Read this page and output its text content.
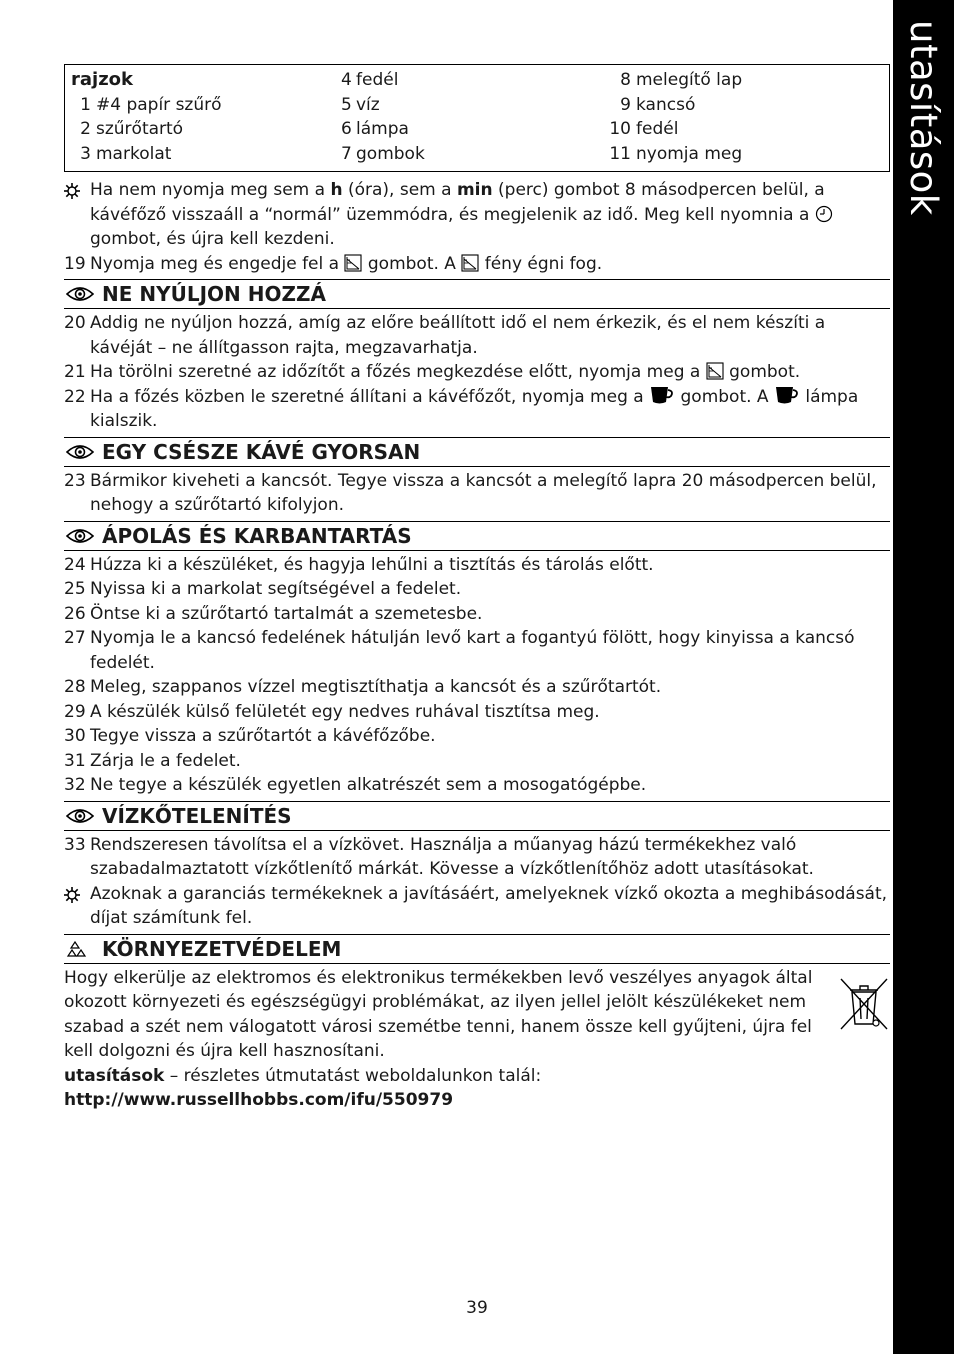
utasítások
rajzok
1 #4 papír szűrő
2 szűrőtartó
3 markolat
4 fedél
5 víz
6 lámpa
7 gombok
8 melegítő lap
9 kancsó
10 fedél
11 nyomja meg
Ha nem nyomja meg sem a h (óra), sem a min (perc) gombot 8 másodpercen belül, a kávéfőző visszaáll a “normál” üzemmódra, és megjelenik az idő. Meg kell nyomnia a  gombot, és újra kell kezdeni.
19 Nyomja meg és engedje fel a  gombot. A  fény égni fog.
NE NYÚLJON HOZZÁ
20 Addig ne nyúljon hozzá, amíg az előre beállított idő el nem érkezik, és el nem készíti a kávéját – ne állítgasson rajta, megzavarhatja.
21 Ha törölni szeretné az időzítőt a főzés megkezdése előtt, nyomja meg a  gombot.
22 Ha a főzés közben le szeretné állítani a kávéfőzőt, nyomja meg a  gombot. A  lámpa kialszik.
EGY CSÉSZE KÁVÉ GYORSAN
23 Bármikor kiveheti a kancsót. Tegye vissza a kancsót a melegítő lapra 20 másodpercen belül, nehogy a szűrőtartó kifolyjon.
ÁPOLÁS ÉS KARBANTARTÁS
24 Húzza ki a készüléket, és hagyja lehűlni a tisztítás és tárolás előtt.
25 Nyissa ki a markolat segítségével a fedelet.
26 Öntse ki a szűrőtartó tartalmát a szemetesbe.
27 Nyomja le a kancsó fedelének hátulján levő kart a fogantyú fölött, hogy kinyissa a kancsó fedelét.
28 Meleg, szappanos vízzel megtisztíthatja a kancsót és a szűrőtartót.
29 A készülék külső felületét egy nedves ruhával tisztítsa meg.
30 Tegye vissza a szűrőtartót a kávéfőzőbe.
31 Zárja le a fedelet.
32 Ne tegye a készülék egyetlen alkatrészét sem a mosogatógépbe.
VÍZKŐTELENÍTÉS
33 Rendszeresen távolítsa el a vízkövet. Használja a műanyag házú termékekhez való szabadalmaztatott vízkőtlenítő márkát. Kövesse a vízkőtlenítőhöz adott utasításokat.
Azoknak a garanciás termékeknek a javításáért, amelyeknek vízkő okozta a meghibásodását, díjat számítunk fel.
KÖRNYEZETVÉDELEM
Hogy elkerülje az elektromos és elektronikus termékekben levő veszélyes anyagok által okozott környezeti és egészségügyi problémákat, az ilyen jellel jelölt készülékeket nem szabad a szét nem válogatott városi szemétbe tenni, hanem össze kell gyűjteni, újra fel kell dolgozni és újra kell hasznosítani.
utasítások – részletes útmutatást weboldalunkon talál:
http://www.russellhobbs.com/ifu/550979
39
